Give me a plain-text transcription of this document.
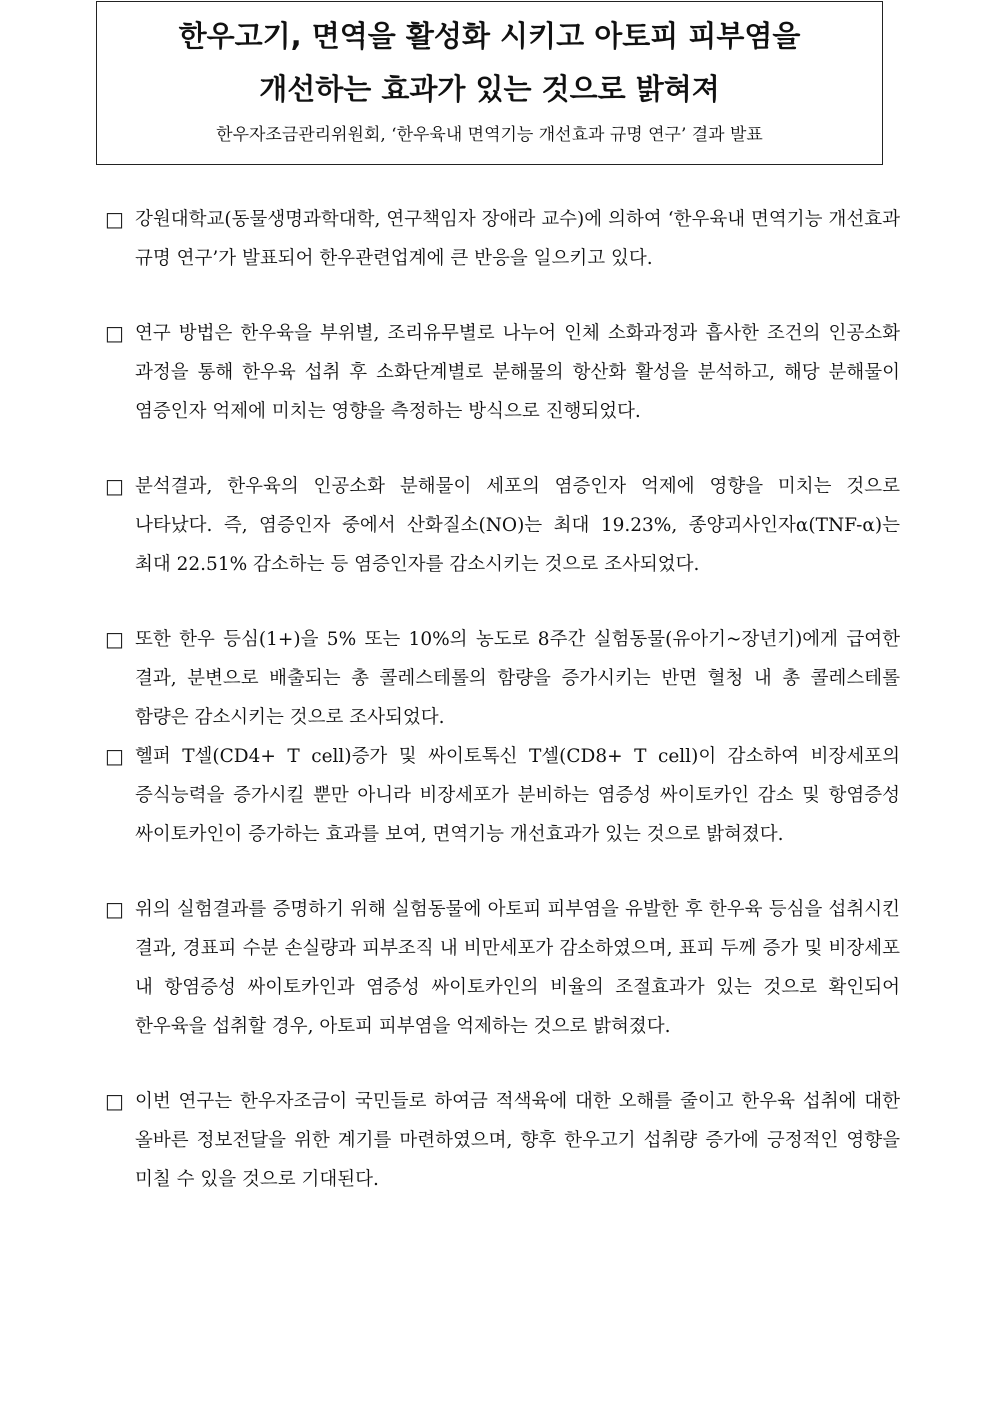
한우고기, 면역을 활성화 시키고 아토피 피부염을
개선하는 효과가 있는 것으로 밝혀져
한우자조금관리위원회, ‘한우육내 면역기능 개선효과 규명 연구’ 결과 발표
□ 강원대학교(동물생명과학대학, 연구책임자 장애라 교수)에 의하여 ‘한우육내 면역기능 개선효과 규명 연구’가 발표되어 한우관련업계에 큰 반응을 일으키고 있다.
□ 연구 방법은 한우육을 부위별, 조리유무별로 나누어 인체 소화과정과 흡사한 조건의 인공소화 과정을 통해 한우육 섭취 후 소화단계별로 분해물의 항산화 활성을 분석하고, 해당 분해물이 염증인자 억제에 미치는 영향을 측정하는 방식으로 진행되었다.
□ 분석결과, 한우육의 인공소화 분해물이 세포의 염증인자 억제에 영향을 미치는 것으로 나타났다. 즉, 염증인자 중에서 산화질소(NO)는 최대 19.23%, 종양괴사인자α(TNF-α)는 최대 22.51% 감소하는 등 염증인자를 감소시키는 것으로 조사되었다.
□ 또한 한우 등심(1+)을 5% 또는 10%의 농도로 8주간 실험동물(유아기~장년기)에게 급여한 결과, 분변으로 배출되는 총 콜레스테롤의 함량을 증가시키는 반면 혈청 내 총 콜레스테롤 함량은 감소시키는 것으로 조사되었다.
□ 헬퍼 T셀(CD4+ T cell)증가 및 싸이토톡신 T셀(CD8+ T cell)이 감소하여 비장세포의 증식능력을 증가시킬 뿐만 아니라 비장세포가 분비하는 염증성 싸이토카인 감소 및 항염증성 싸이토카인이 증가하는 효과를 보여, 면역기능 개선효과가 있는 것으로 밝혀졌다.
□ 위의 실험결과를 증명하기 위해 실험동물에 아토피 피부염을 유발한 후 한우육 등심을 섭취시킨 결과, 경표피 수분 손실량과 피부조직 내 비만세포가 감소하였으며, 표피 두께 증가 및 비장세포 내 항염증성 싸이토카인과 염증성 싸이토카인의 비율의 조절효과가 있는 것으로 확인되어 한우육을 섭취할 경우, 아토피 피부염을 억제하는 것으로 밝혀졌다.
□ 이번 연구는 한우자조금이 국민들로 하여금 적색육에 대한 오해를 줄이고 한우육 섭취에 대한 올바른 정보전달을 위한 계기를 마련하였으며, 향후 한우고기 섭취량 증가에 긍정적인 영향을 미칠 수 있을 것으로 기대된다.
